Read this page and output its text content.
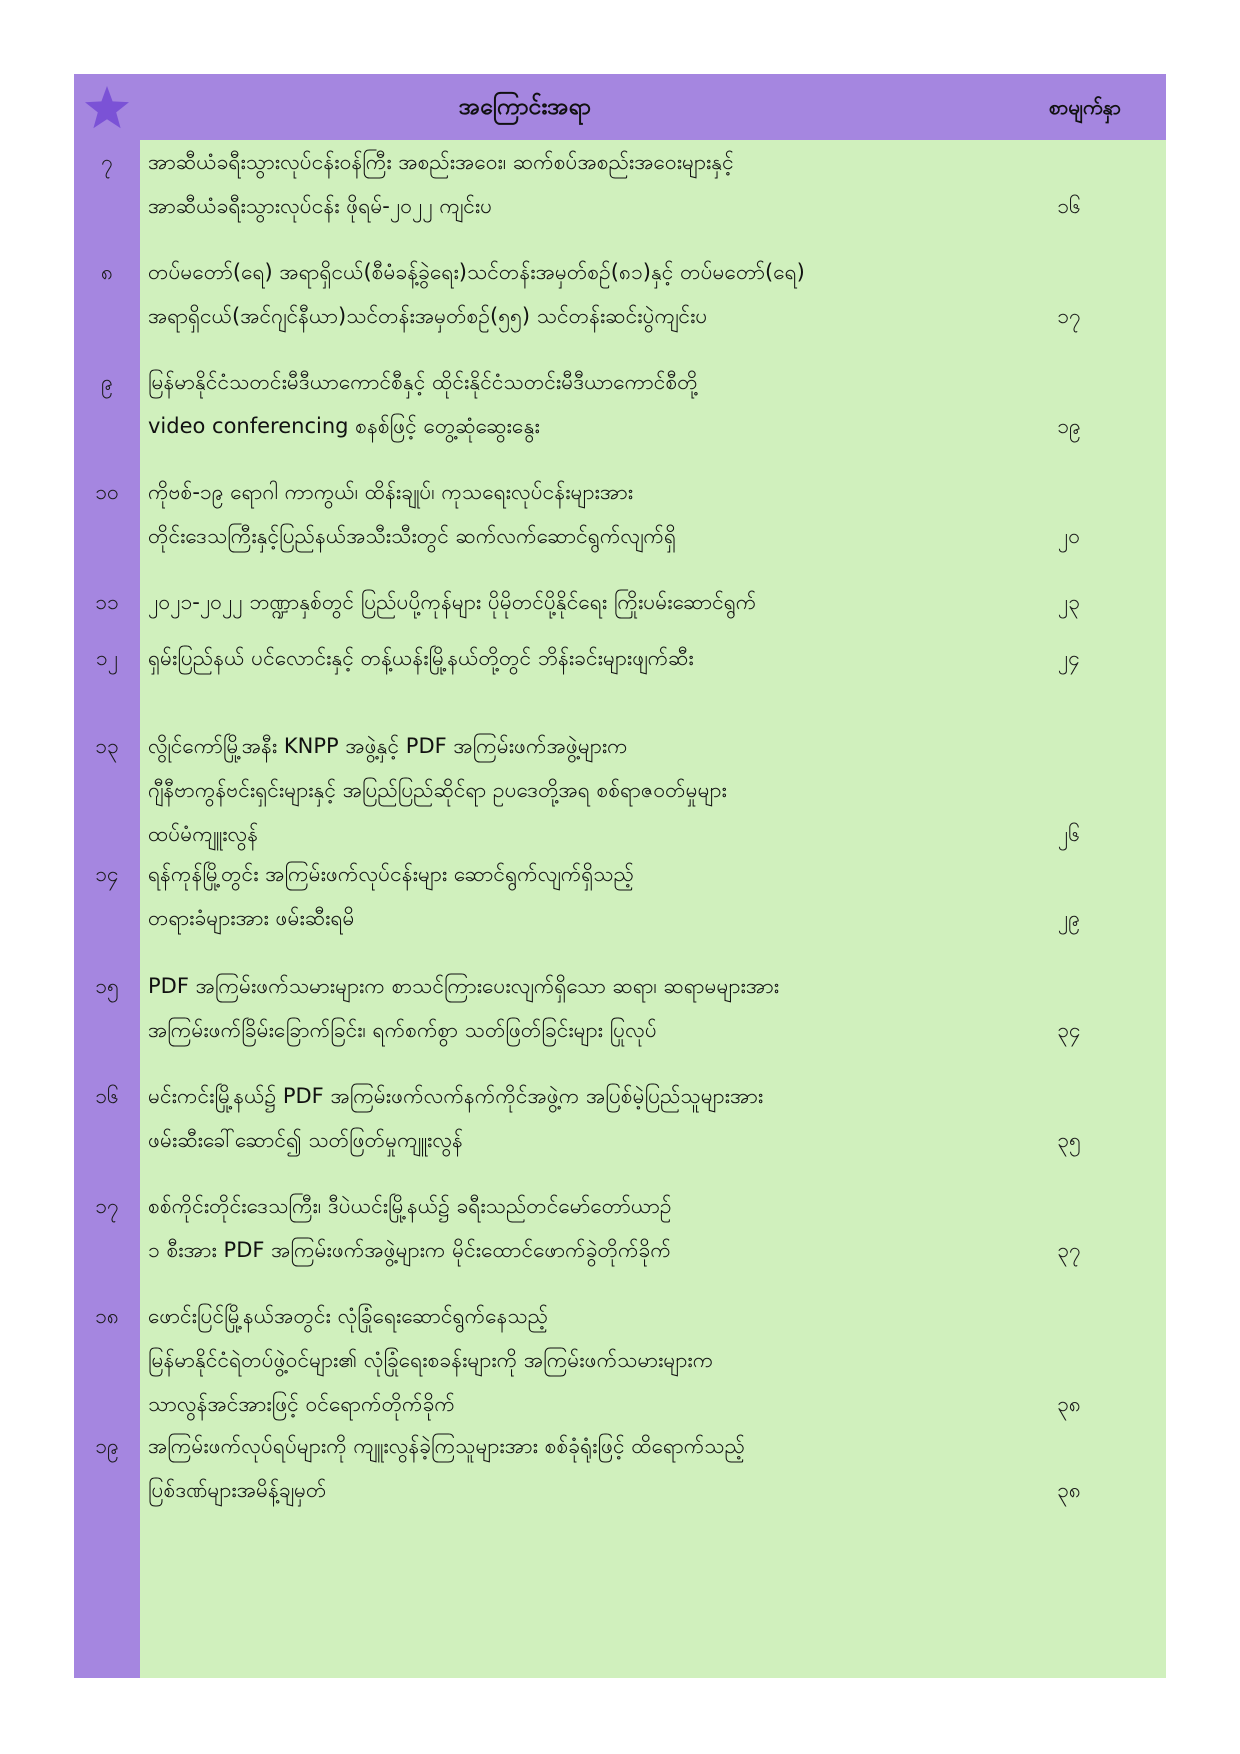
အကြောင်းအရာ	စာမျက်နှာ
၇	အာဆီယံခရီးသွားလုပ်ငန်းဝန်ကြီး အစည်းအဝေး၊ ဆက်စပ်အစည်းအဝေးများနှင့်
အာဆီယံခရီးသွားလုပ်ငန်း ဖိုရမ်-၂၀၂၂ ကျင်းပ	၁၆
၈	တပ်မတော်(ရေ) အရာရှိငယ်(စီမံခန့်ခွဲရေး)သင်တန်းအမှတ်စဉ်(၈၁)နှင့် တပ်မတော်(ရေ)
အရာရှိငယ်(အင်ဂျင်နီယာ)သင်တန်းအမှတ်စဉ်(၅၅) သင်တန်းဆင်းပွဲကျင်းပ	၁၇
၉	မြန်မာနိုင်ငံသတင်းမီဒီယာကောင်စီနှင့် ထိုင်းနိုင်ငံသတင်းမီဒီယာကောင်စီတို့
video conferencing စနစ်ဖြင့် တွေ့ဆုံဆွေးနွေး	၁၉
၁၀	ကိုဗစ်-၁၉ ရောဂါ ကာကွယ်၊ ထိန်းချုပ်၊ ကုသရေးလုပ်ငန်းများအား
တိုင်းဒေသကြီးနှင့်ပြည်နယ်အသီးသီးတွင် ဆက်လက်ဆောင်ရွက်လျက်ရှိ	၂၀
၁၁	၂၀၂၁-၂၀၂၂ ဘဏ္ဍာနှစ်တွင် ပြည်ပပို့ကုန်များ ပိုမိုတင်ပို့နိုင်ရေး ကြိုးပမ်းဆောင်ရွက်	၂၃
၁၂	ရှမ်းပြည်နယ် ပင်လောင်းနှင့် တန့်ယန်းမြို့နယ်တို့တွင် ဘိန်းခင်းများဖျက်ဆီး	၂၄
၁၃	လွိုင်ကော်မြို့အနီး KNPP အဖွဲ့နှင့် PDF အကြမ်းဖက်အဖွဲ့များက
ဂျီနီဗာကွန်ဗင်းရှင်းများနှင့် အပြည်ပြည်ဆိုင်ရာ ဥပဒေတို့အရ စစ်ရာဇဝတ်မှုများ
ထပ်မံကျူးလွန်	၂၆
၁၄	ရန်ကုန်မြို့တွင်း အကြမ်းဖက်လုပ်ငန်းများ ဆောင်ရွက်လျက်ရှိသည့်
တရားခံများအား ဖမ်းဆီးရမိ	၂၉
၁၅	PDF အကြမ်းဖက်သမားများက စာသင်ကြားပေးလျက်ရှိသော ဆရာ၊ ဆရာမများအား
အကြမ်းဖက်ခြိမ်းခြောက်ခြင်း၊ ရက်စက်စွာ သတ်ဖြတ်ခြင်းများ ပြုလုပ်	၃၄
၁၆	မင်းကင်းမြို့နယ်၌ PDF အကြမ်းဖက်လက်နက်ကိုင်အဖွဲ့က အပြစ်မဲ့ပြည်သူများအား
ဖမ်းဆီးခေါ်ဆောင်၍ သတ်ဖြတ်မှုကျူးလွန်	၃၅
၁၇	စစ်ကိုင်းတိုင်းဒေသကြီး၊ ဒီပဲယင်းမြို့နယ်၌ ခရီးသည်တင်မော်တော်ယာဉ်
၁ စီးအား PDF အကြမ်းဖက်အဖွဲ့များက မိုင်းထောင်ဖောက်ခွဲတိုက်ခိုက်	၃၇
၁၈	ဖောင်းပြင်မြို့နယ်အတွင်း လုံခြုံရေးဆောင်ရွက်နေသည့်
မြန်မာနိုင်ငံရဲတပ်ဖွဲ့ဝင်များ၏ လုံခြုံရေးစခန်းများကို အကြမ်းဖက်သမားများက
သာလွန်အင်အားဖြင့် ဝင်ရောက်တိုက်ခိုက်	၃၈
၁၉	အကြမ်းဖက်လုပ်ရပ်များကို ကျူးလွန်ခဲ့ကြသူများအား စစ်ခုံရုံးဖြင့် ထိရောက်သည့်
ပြစ်ဒဏ်များအမိန့်ချမှတ်	၃၈
